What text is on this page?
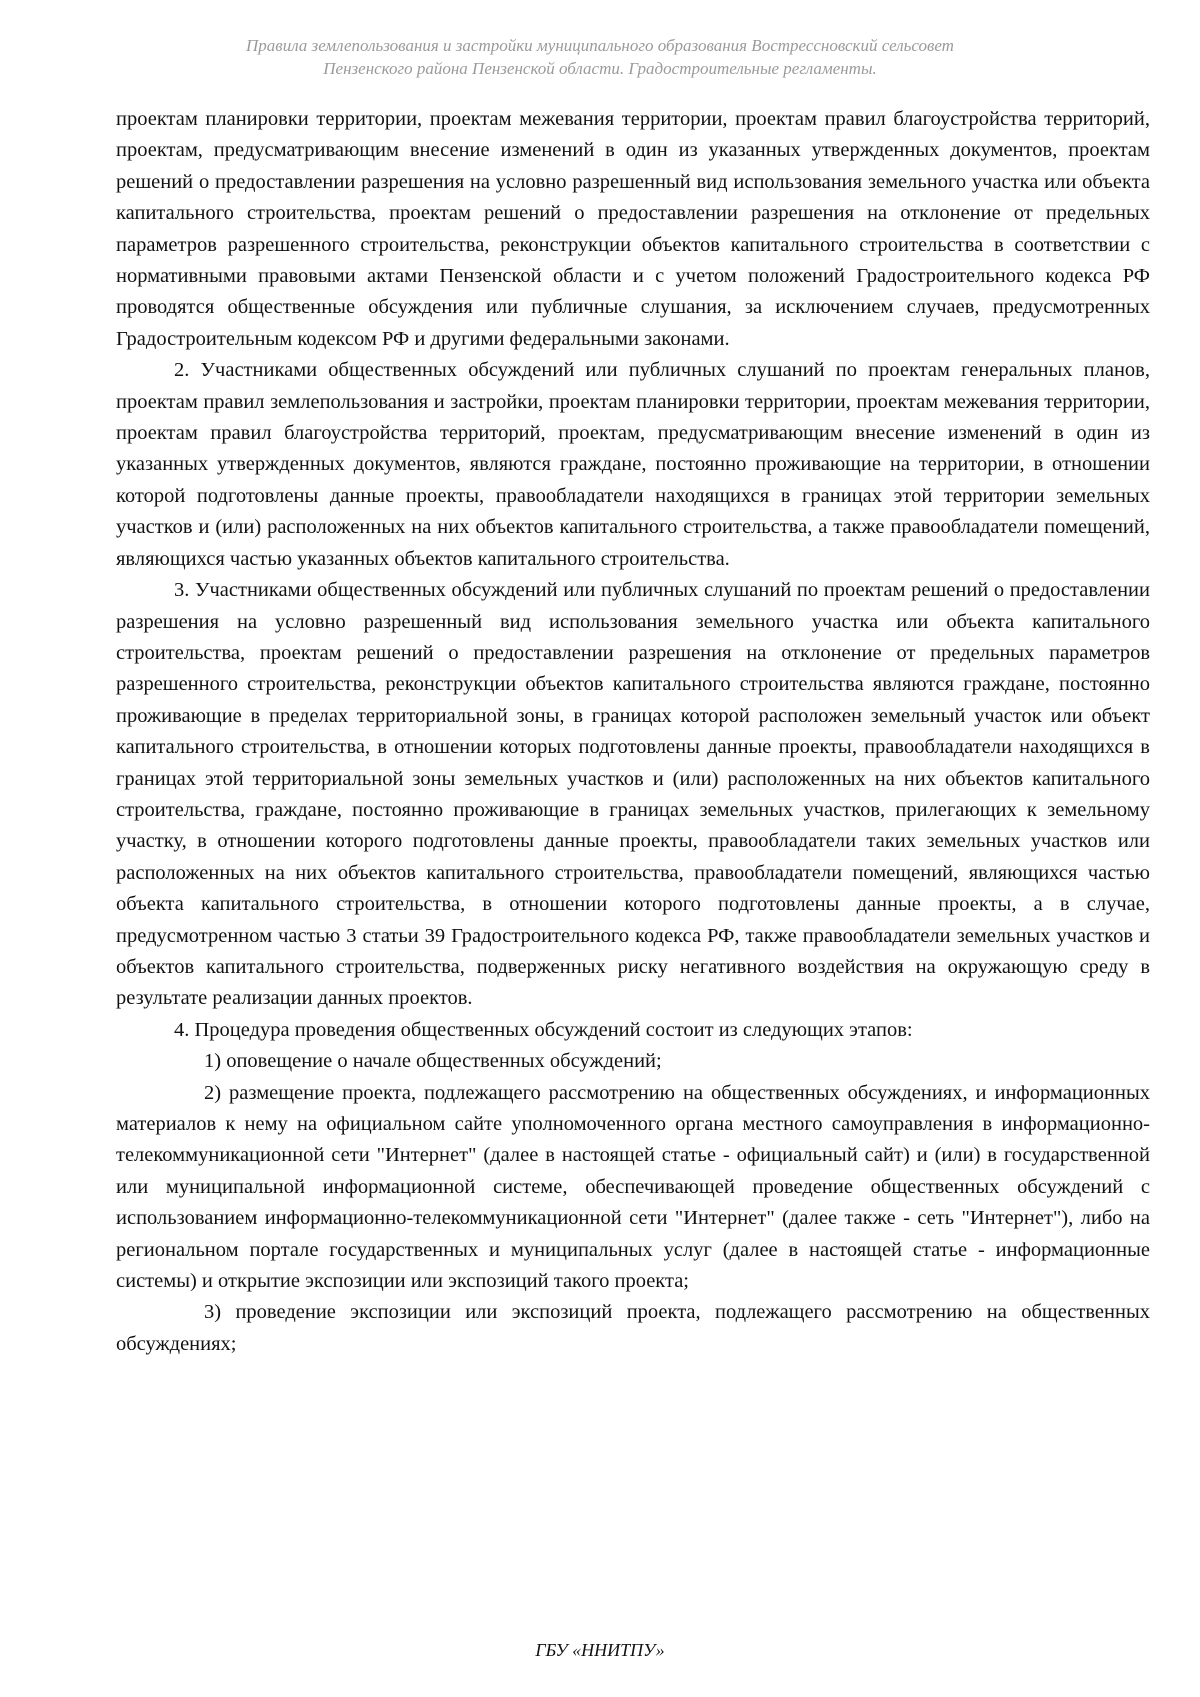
Правила землепользования и застройки муниципального образования Вострессновский сельсовет
Пензенского района Пензенской области. Градостроительные регламенты.

проектам планировки территории, проектам межевания территории, проектам правил благоустройства территорий, проектам, предусматривающим внесение изменений в один из указанных утвержденных документов, проектам решений о предоставлении разрешения на условно разрешенный вид использования земельного участка или объекта капитального строительства, проектам решений о предоставлении разрешения на отклонение от предельных параметров разрешенного строительства, реконструкции объектов капитального строительства в соответствии с нормативными правовыми актами Пензенской области и с учетом положений Градостроительного кодекса РФ проводятся общественные обсуждения или публичные слушания, за исключением случаев, предусмотренных Градостроительным кодексом РФ и другими федеральными законами.

2. Участниками общественных обсуждений или публичных слушаний по проектам генеральных планов, проектам правил землепользования и застройки, проектам планировки территории, проектам межевания территории, проектам правил благоустройства территорий, проектам, предусматривающим внесение изменений в один из указанных утвержденных документов, являются граждане, постоянно проживающие на территории, в отношении которой подготовлены данные проекты, правообладатели находящихся в границах этой территории земельных участков и (или) расположенных на них объектов капитального строительства, а также правообладатели помещений, являющихся частью указанных объектов капитального строительства.

3. Участниками общественных обсуждений или публичных слушаний по проектам решений о предоставлении разрешения на условно разрешенный вид использования земельного участка или объекта капитального строительства, проектам решений о предоставлении разрешения на отклонение от предельных параметров разрешенного строительства, реконструкции объектов капитального строительства являются граждане, постоянно проживающие в пределах территориальной зоны, в границах которой расположен земельный участок или объект капитального строительства, в отношении которых подготовлены данные проекты, правообладатели находящихся в границах этой территориальной зоны земельных участков и (или) расположенных на них объектов капитального строительства, граждане, постоянно проживающие в границах земельных участков, прилегающих к земельному участку, в отношении которого подготовлены данные проекты, правообладатели таких земельных участков или расположенных на них объектов капитального строительства, правообладатели помещений, являющихся частью объекта капитального строительства, в отношении которого подготовлены данные проекты, а в случае, предусмотренном частью 3 статьи 39 Градостроительного кодекса РФ, также правообладатели земельных участков и объектов капитального строительства, подверженных риску негативного воздействия на окружающую среду в результате реализации данных проектов.

4. Процедура проведения общественных обсуждений состоит из следующих этапов:

1) оповещение о начале общественных обсуждений;

2) размещение проекта, подлежащего рассмотрению на общественных обсуждениях, и информационных материалов к нему на официальном сайте уполномоченного органа местного самоуправления в информационно-телекоммуникационной сети "Интернет" (далее в настоящей статье - официальный сайт) и (или) в государственной или муниципальной информационной системе, обеспечивающей проведение общественных обсуждений с использованием информационно-телекоммуникационной сети "Интернет" (далее также - сеть "Интернет"), либо на региональном портале государственных и муниципальных услуг (далее в настоящей статье - информационные системы) и открытие экспозиции или экспозиций такого проекта;

3) проведение экспозиции или экспозиций проекта, подлежащего рассмотрению на общественных обсуждениях;

ГБУ «ННИТПУ»
